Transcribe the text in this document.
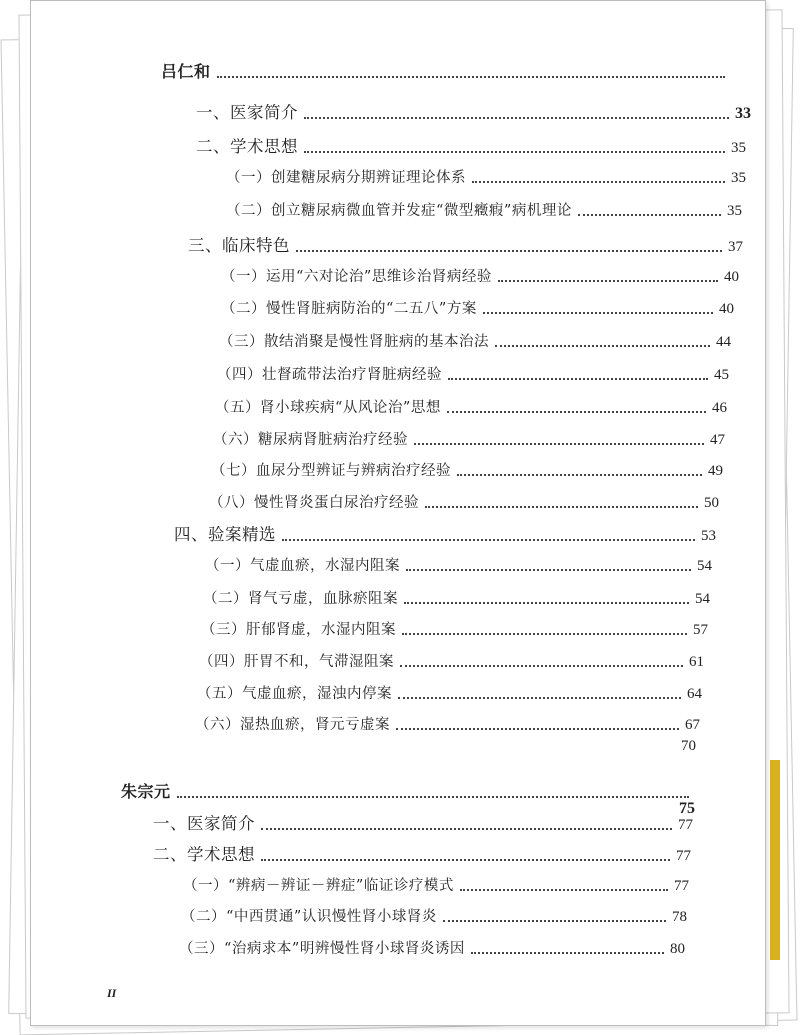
吕仁和
一、医家简介	33
二、学术思想	35
（一）创建糖尿病分期辨证理论体系	35
（二）创立糖尿病微血管并发症“微型癥瘕”病机理论	35
三、临床特色	37
（一）运用“六对论治”思维诊治肾病经验	40
（二）慢性肾脏病防治的“二五八”方案	40
（三）散结消聚是慢性肾脏病的基本治法	44
（四）壮督疏带法治疗肾脏病经验	45
（五）肾小球疾病“从风论治”思想	46
（六）糖尿病肾脏病治疗经验	47
（七）血尿分型辨证与辨病治疗经验	49
（八）慢性肾炎蛋白尿治疗经验	50
四、验案精选	53
（一）气虚血瘀，水湿内阻案	54
（二）肾气亏虚，血脉瘀阻案	54
（三）肝郁肾虚，水湿内阻案	57
（四）肝胃不和，气滞湿阻案	61
（五）气虚血瘀，湿浊内停案	64
（六）湿热血瘀，肾元亏虚案	67
70
朱宗元
75
一、医家简介	77
二、学术思想	77
（一）“辨病－辨证－辨症”临证诊疗模式	77
（二）“中西贯通”认识慢性肾小球肾炎	78
（三）“治病求本”明辨慢性肾小球肾炎诱因	80
II
